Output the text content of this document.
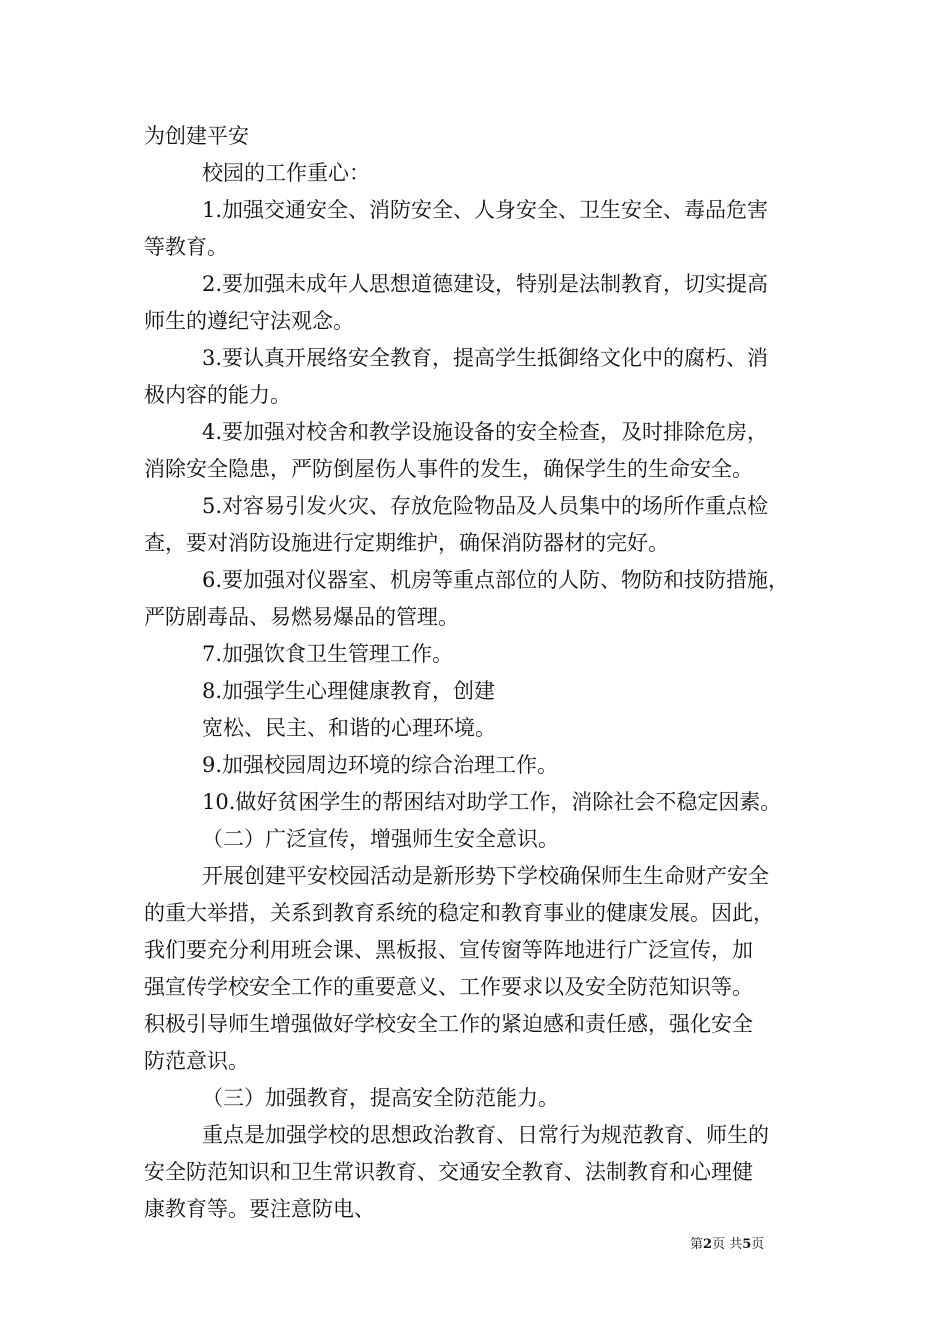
为创建平安
校园的工作重心：
1.加强交通安全、消防安全、人身安全、卫生安全、毒品危害
等教育。
2.要加强未成年人思想道德建设，特别是法制教育，切实提高
师生的遵纪守法观念。
3.要认真开展络安全教育，提高学生抵御络文化中的腐朽、消
极内容的能力。
4.要加强对校舍和教学设施设备的安全检查，及时排除危房，
消除安全隐患，严防倒屋伤人事件的发生，确保学生的生命安全。
5.对容易引发火灾、存放危险物品及人员集中的场所作重点检
查，要对消防设施进行定期维护，确保消防器材的完好。
6.要加强对仪器室、机房等重点部位的人防、物防和技防措施，
严防剧毒品、易燃易爆品的管理。
7.加强饮食卫生管理工作。
8.加强学生心理健康教育，创建
宽松、民主、和谐的心理环境。
9.加强校园周边环境的综合治理工作。
10.做好贫困学生的帮困结对助学工作，消除社会不稳定因素。
（二）广泛宣传，增强师生安全意识。
开展创建平安校园活动是新形势下学校确保师生生命财产安全
的重大举措，关系到教育系统的稳定和教育事业的健康发展。因此，
我们要充分利用班会课、黑板报、宣传窗等阵地进行广泛宣传，加
强宣传学校安全工作的重要意义、工作要求以及安全防范知识等。
积极引导师生增强做好学校安全工作的紧迫感和责任感，强化安全
防范意识。
（三）加强教育，提高安全防范能力。
重点是加强学校的思想政治教育、日常行为规范教育、师生的
安全防范知识和卫生常识教育、交通安全教育、法制教育和心理健
康教育等。要注意防电、
第2页 共5页
